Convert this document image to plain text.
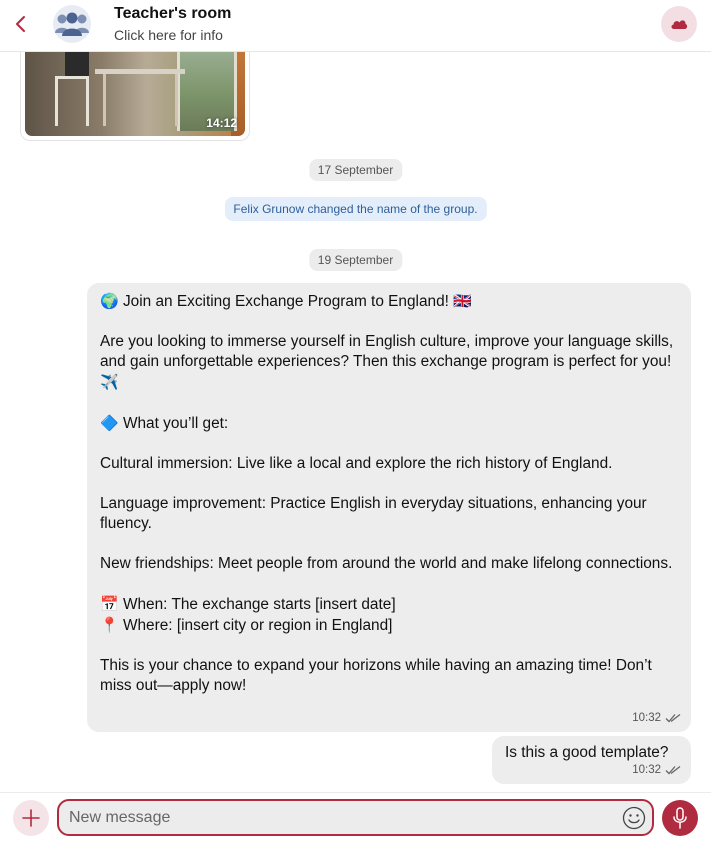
Teacher's room
Click here for info
14:12
17 September
Felix Grunow changed the name of the group.
19 September

🌍 Join an Exciting Exchange Program to England! 🇬🇧

Are you looking to immerse yourself in English culture, improve your language skills, and gain unforgettable experiences? Then this exchange program is perfect for you! ✈️

🔷 What you’ll get:

Cultural immersion: Live like a local and explore the rich history of England.

Language improvement: Practice English in everyday situations, enhancing your fluency.

New friendships: Meet people from around the world and make lifelong connections.

📅 When: The exchange starts [insert date]

📍 Where: [insert city or region in England]

This is your chance to expand your horizons while having an amazing time! Don’t miss out—apply now!

10:32
Is this a good template?
10:32
New message
